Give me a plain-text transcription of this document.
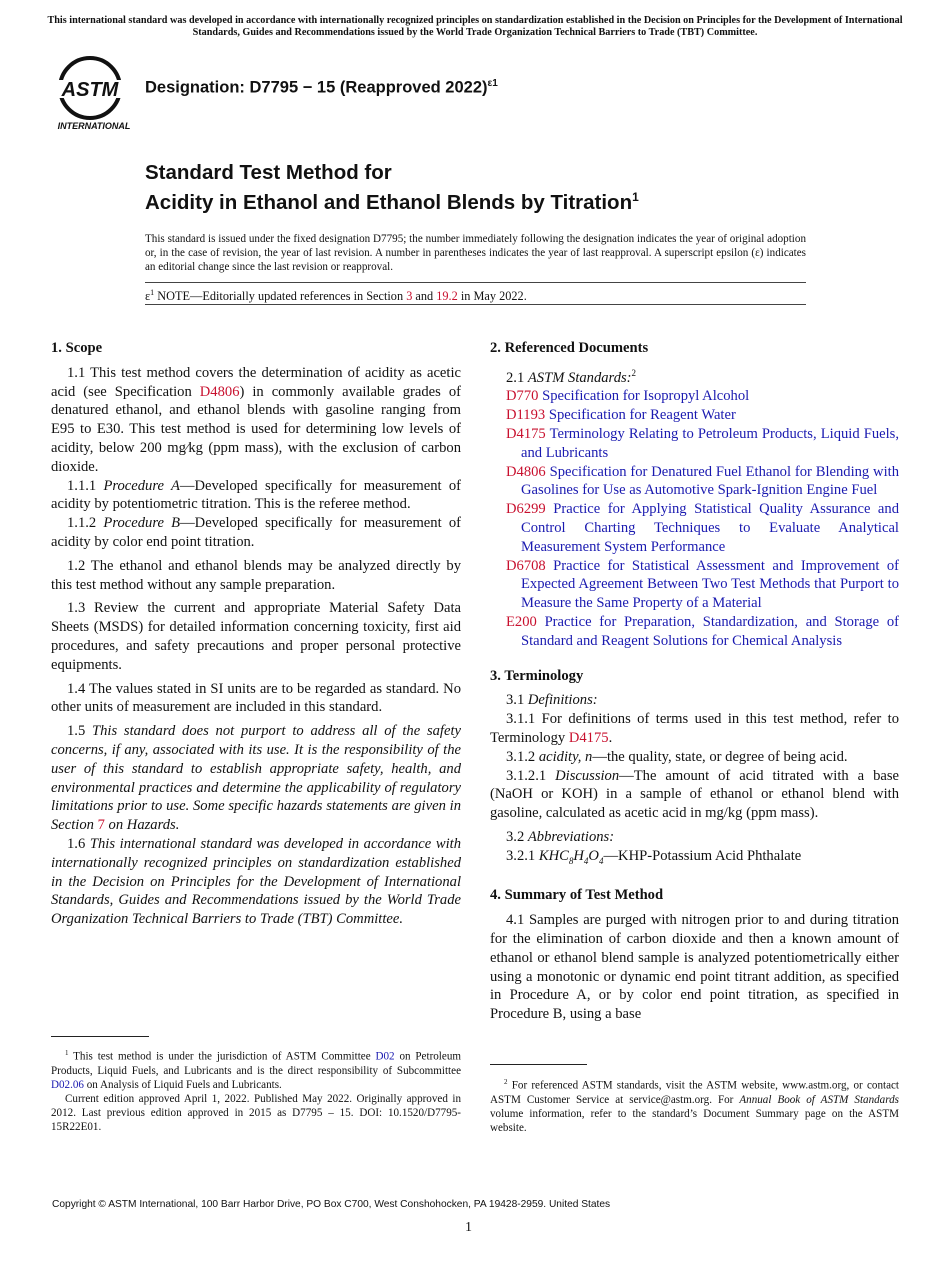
This international standard was developed in accordance with internationally recognized principles on standardization established in the Decision on Principles for the Development of International Standards, Guides and Recommendations issued by the World Trade Organization Technical Barriers to Trade (TBT) Committee.
ASTM
INTERNATIONAL
Designation: D7795 − 15 (Reapproved 2022)$^{\varepsilon 1}$
Standard Test Method for
Acidity in Ethanol and Ethanol Blends by Titration$^1$
This standard is issued under the fixed designation D7795; the number immediately following the designation indicates the year of original adoption or, in the case of revision, the year of last revision. A number in parentheses indicates the year of last reapproval. A superscript epsilon (ε) indicates an editorial change since the last revision or reapproval.
$\varepsilon^1$ NOTE—Editorially updated references in Section 3 and 19.2 in May 2022.
1. Scope

1.1 This test method covers the determination of acidity as acetic acid (see Specification D4806) in commonly available grades of denatured ethanol, and ethanol blends with gasoline ranging from E95 to E30. This test method is used for determining low levels of acidity, below 200 mg⁄kg (ppm mass), with the exclusion of carbon dioxide.

1.1.1 Procedure A—Developed specifically for measurement of acidity by potentiometric titration. This is the referee method.

1.1.2 Procedure B—Developed specifically for measurement of acidity by color end point titration.

1.2 The ethanol and ethanol blends may be analyzed directly by this test method without any sample preparation.

1.3 Review the current and appropriate Material Safety Data Sheets (MSDS) for detailed information concerning toxicity, first aid procedures, and safety precautions and proper personal protective equipments.

1.4 The values stated in SI units are to be regarded as standard. No other units of measurement are included in this standard.

1.5 This standard does not purport to address all of the safety concerns, if any, associated with its use. It is the responsibility of the user of this standard to establish appropriate safety, health, and environmental practices and determine the applicability of regulatory limitations prior to use. Some specific hazards statements are given in Section 7 on Hazards.

1.6 This international standard was developed in accordance with internationally recognized principles on standardization established in the Decision on Principles for the Development of International Standards, Guides and Recommendations issued by the World Trade Organization Technical Barriers to Trade (TBT) Committee.

2. Referenced Documents

2.1 ASTM Standards:$^2$

D770 Specification for Isopropyl Alcohol

D1193 Specification for Reagent Water

D4175 Terminology Relating to Petroleum Products, Liquid Fuels, and Lubricants

D4806 Specification for Denatured Fuel Ethanol for Blending with Gasolines for Use as Automotive Spark-Ignition Engine Fuel

D6299 Practice for Applying Statistical Quality Assurance and Control Charting Techniques to Evaluate Analytical Measurement System Performance

D6708 Practice for Statistical Assessment and Improvement of Expected Agreement Between Two Test Methods that Purport to Measure the Same Property of a Material

E200 Practice for Preparation, Standardization, and Storage of Standard and Reagent Solutions for Chemical Analysis

3. Terminology

3.1 Definitions:

3.1.1 For definitions of terms used in this test method, refer to Terminology D4175.

3.1.2 acidity, n—the quality, state, or degree of being acid.

3.1.2.1 Discussion—The amount of acid titrated with a base (NaOH or KOH) in a sample of ethanol or ethanol blend with gasoline, calculated as acetic acid in mg/kg (ppm mass).

3.2 Abbreviations:

3.2.1 $KHC_8H_4O_4—KHP$-Potassium Acid Phthalate

4. Summary of Test Method

4.1 Samples are purged with nitrogen prior to and during titration for the elimination of carbon dioxide and then a known amount of ethanol or ethanol blend sample is analyzed potentiometrically either using a monotonic or dynamic end point titrant addition, as specified in Procedure A, or by color end point titration, as specified in Procedure B, using a base

$^1$ This test method is under the jurisdiction of ASTM Committee D02 on Petroleum Products, Liquid Fuels, and Lubricants and is the direct responsibility of Subcommittee D02.06 on Analysis of Liquid Fuels and Lubricants.

Current edition approved April 1, 2022. Published May 2022. Originally approved in 2012. Last previous edition approved in 2015 as D7795 – 15. DOI: 10.1520/D7795-15R22E01.

$^2$ For referenced ASTM standards, visit the ASTM website, www.astm.org, or contact ASTM Customer Service at service@astm.org. For Annual Book of ASTM Standards volume information, refer to the standard’s Document Summary page on the ASTM website.

Copyright © ASTM International, 100 Barr Harbor Drive, PO Box C700, West Conshohocken, PA 19428-2959. United States
1
